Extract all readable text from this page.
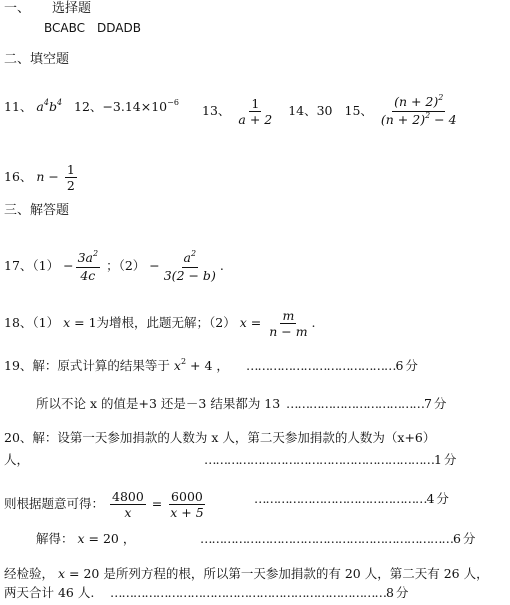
一、 选择题
BCABC　DDADB
二、填空题
11、 $a^4b^4$ 12、$-3.14\times 10^{-6}$
13、 $\frac{1}{a + 2} 14$、30 15、 $\frac{(n + 2)^2}{(n + 2)^2 - 4}$
16、 $n - \frac{1}{2}$
三、解答题
17、$(1) - \frac{3a^2}{4c}$ ；$(2) - \frac{a^2}{3(2 - b)}$ .
18、（1） x = 1为增根，此题无解；（2） $x = \frac{m}{n - m}$ .
19、解：原式计算的结果等于 $x^2 + 4$ ， …………………………………6 分
所以不论 x 的值是+3 还是－3 结果都为 13 ………………………………7 分
20、解：设第一天参加捐款的人数为 x 人，第二天参加捐款的人数为（x+6）
人，	……………………………………………………1 分
则根据题意可得： $\frac{4800}{x} = \frac{6000}{x + 5}$	………………………………………4 分
解得： x = 20 ，	…………………………………………………………6 分
经检验， x = 20 是所列方程的根，所以第一天参加捐款的有 20 人，第二天有 26 人，
两天合计 46 人. ………………………………………………………………8 分
